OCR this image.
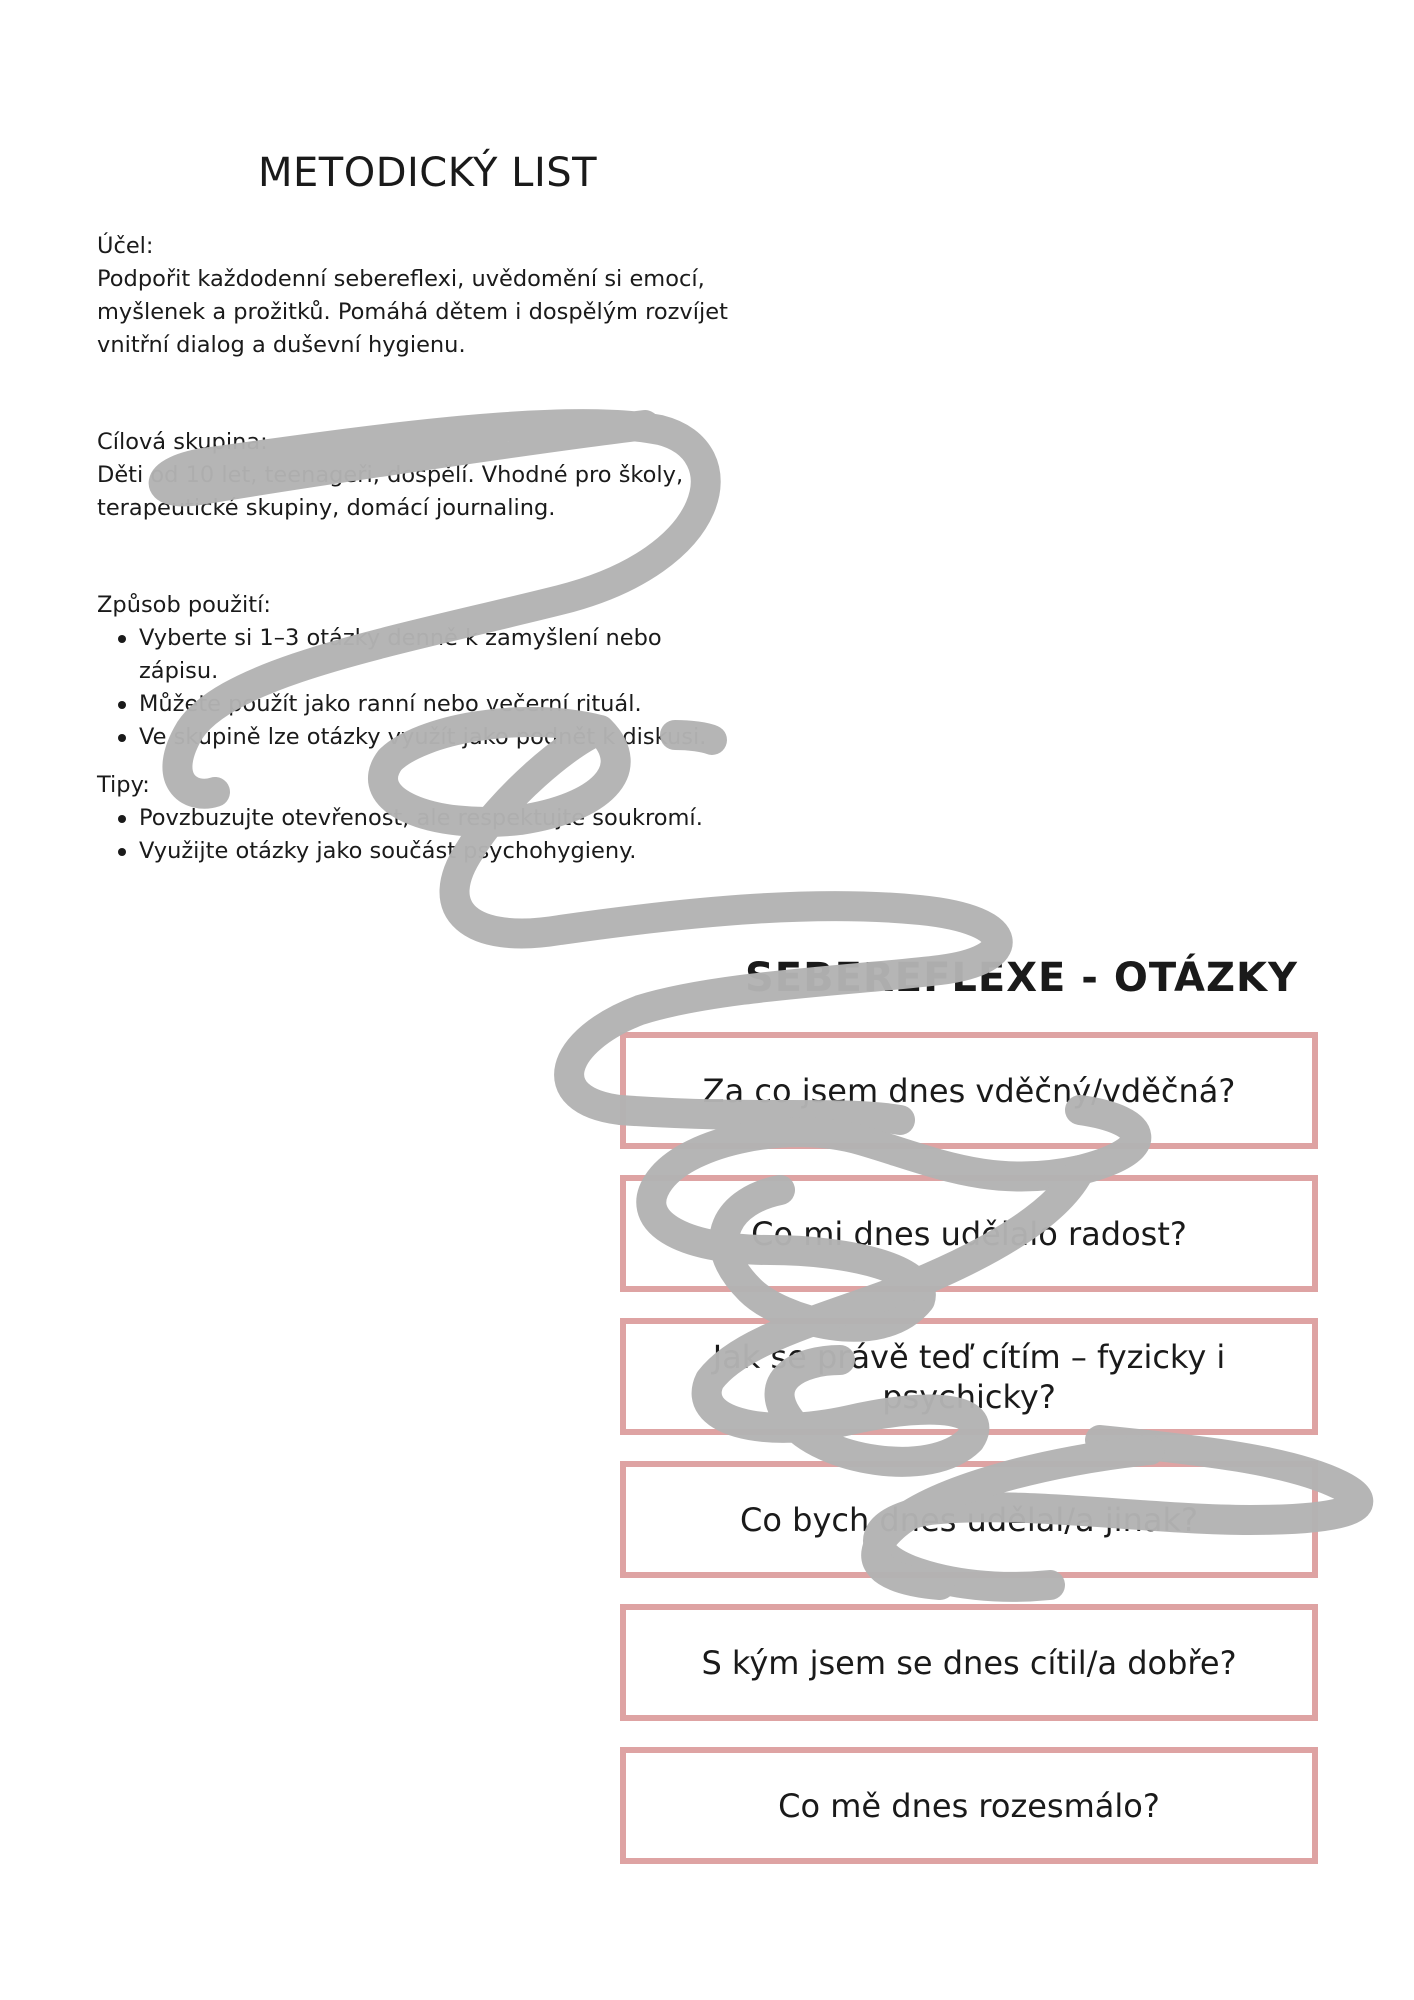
METODICKÝ LIST
Účel:

Podpořit každodenní sebereflexi, uvědomění si emocí, myšlenek a prožitků. Pomáhá dětem i dospělým rozvíjet vnitřní dialog a duševní hygienu.

Cílová skupina:

Děti od 10 let, teenageři, dospělí. Vhodné pro školy, terapeutické skupiny, domácí journaling.

Způsob použití:
Vyberte si 1–3 otázky denně k zamyšlení nebo zápisu.
Můžete použít jako ranní nebo večerní rituál.
Ve skupině lze otázky využít jako podnět k diskusi.
Tipy:
Povzbuzujte otevřenost, ale respektujte soukromí.
Využijte otázky jako součást psychohygieny.
SEBEREFLEXE - OTÁZKY
Za co jsem dnes vděčný/vděčná?
Co mi dnes udělalo radost?
Jak se právě teď cítím – fyzicky i psychicky?
Co bych dnes udělal/a jinak?
S kým jsem se dnes cítil/a dobře?
Co mě dnes rozesmálo?
